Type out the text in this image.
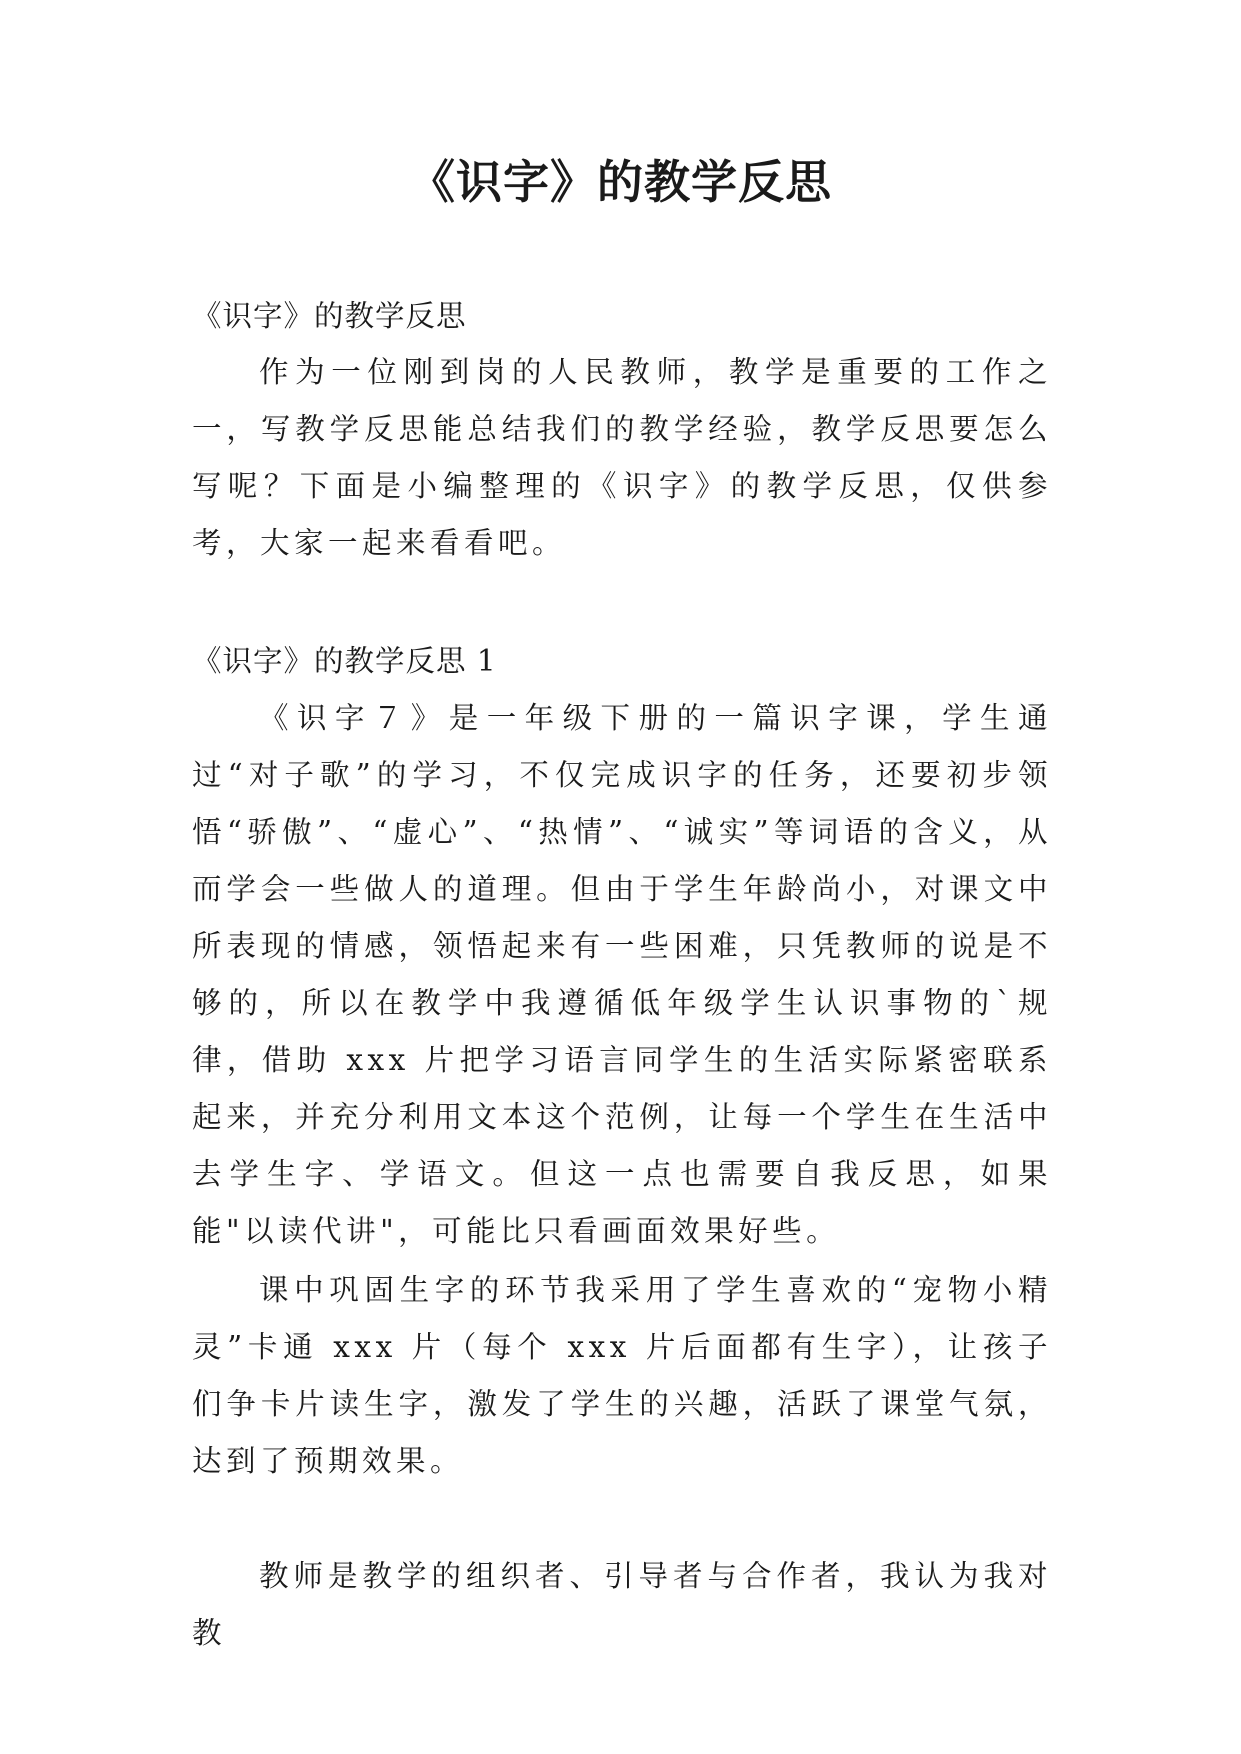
《识字》的教学反思

《识字》的教学反思

作为一位刚到岗的人民教师，教学是重要的工作之一，写教学反思能总结我们的教学经验，教学反思要怎么写呢？下面是小编整理的《识字》的教学反思，仅供参考，大家一起来看看吧。

《识字》的教学反思 1

《识字７》是一年级下册的一篇识字课，学生通过“对子歌”的学习，不仅完成识字的任务，还要初步领悟“骄傲”、“虚心”、“热情”、“诚实”等词语的含义，从而学会一些做人的道理。但由于学生年龄尚小，对课文中所表现的情感，领悟起来有一些困难，只凭教师的说是不够的，所以在教学中我遵循低年级学生认识事物的`规律，借助 xxx 片把学习语言同学生的生活实际紧密联系起来，并充分利用文本这个范例，让每一个学生在生活中去学生字、学语文。但这一点也需要自我反思，如果能"以读代讲"，可能比只看画面效果好些。

课中巩固生字的环节我采用了学生喜欢的“宠物小精灵”卡通 xxx 片（每个 xxx 片后面都有生字），让孩子们争卡片读生字，激发了学生的兴趣，活跃了课堂气氛，达到了预期效果。

教师是教学的组织者、引导者与合作者，我认为我对教
